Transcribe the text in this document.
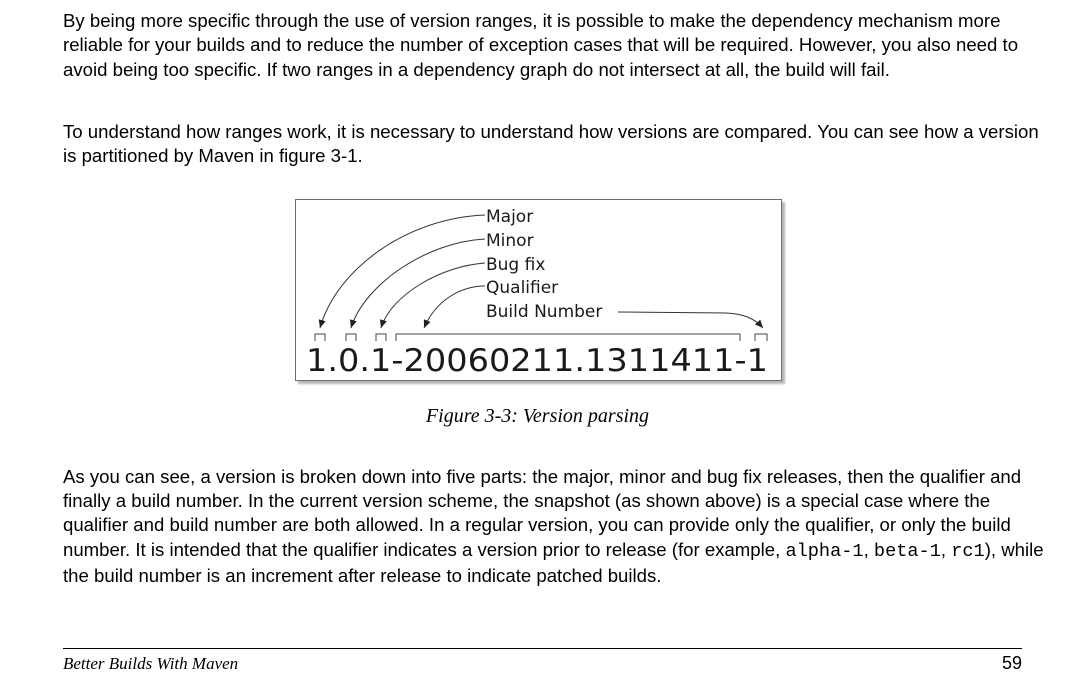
By being more specific through the use of version ranges, it is possible to make the dependency mechanism more reliable for your builds and to reduce the number of exception cases that will be required. However, you also need to avoid being too specific. If two ranges in a dependency graph do not intersect at all, the build will fail.

To understand how ranges work, it is necessary to understand how versions are compared. You can see how a version is partitioned by Maven in figure 3-1.

Major
Minor
Bug fix
Qualifier
Build Number
1.0.1-20060211.1311411-1

Figure 3-3: Version parsing

As you can see, a version is broken down into five parts: the major, minor and bug fix releases, then the qualifier and finally a build number. In the current version scheme, the snapshot (as shown above) is a special case where the qualifier and build number are both allowed. In a regular version, you can provide only the qualifier, or only the build number. It is intended that the qualifier indicates a version prior to release (for example, alpha-1, beta-1, rc1), while the build number is an increment after release to indicate patched builds.

Better Builds With Maven	59
